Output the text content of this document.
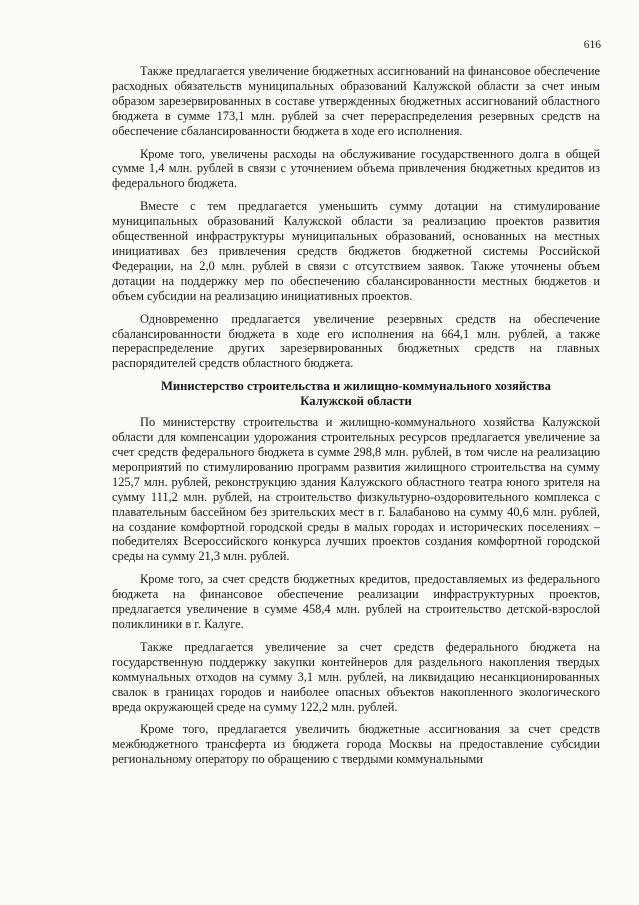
616

Также предлагается увеличение бюджетных ассигнований на финансовое обеспечение расходных обязательств муниципальных образований Калужской области за счет иным образом зарезервированных в составе утвержденных бюджетных ассигнований областного бюджета в сумме 173,1 млн. рублей за счет перераспределения резервных средств на обеспечение сбалансированности бюджета в ходе его исполнения.

Кроме того, увеличены расходы на обслуживание государственного долга в общей сумме 1,4 млн. рублей в связи с уточнением объема привлечения бюджетных кредитов из федерального бюджета.

Вместе с тем предлагается уменьшить сумму дотации на стимулирование муниципальных образований Калужской области за реализацию проектов развития общественной инфраструктуры муниципальных образований, основанных на местных инициативах без привлечения средств бюджетов бюджетной системы Российской Федерации, на 2,0 млн. рублей в связи с отсутствием заявок. Также уточнены объем дотации на поддержку мер по обеспечению сбалансированности местных бюджетов и объем субсидии на реализацию инициативных проектов.

Одновременно предлагается увеличение резервных средств на обеспечение сбалансированности бюджета в ходе его исполнения на 664,1 млн. рублей, а также перераспределение других зарезервированных бюджетных средств на главных распорядителей средств областного бюджета.

Министерство строительства и жилищно-коммунального хозяйства
Калужской области

По министерству строительства и жилищно-коммунального хозяйства Калужской области для компенсации удорожания строительных ресурсов предлагается увеличение за счет средств федерального бюджета в сумме 298,8 млн. рублей, в том числе на реализацию мероприятий по стимулированию программ развития жилищного строительства на сумму 125,7 млн. рублей, реконструкцию здания Калужского областного театра юного зрителя на сумму 111,2 млн. рублей, на строительство физкультурно-оздоровительного комплекса с плавательным бассейном без зрительских мест в г. Балабаново на сумму 40,6 млн. рублей, на создание комфортной городской среды в малых городах и исторических поселениях – победителях Всероссийского конкурса лучших проектов создания комфортной городской среды на сумму 21,3 млн. рублей.

Кроме того, за счет средств бюджетных кредитов, предоставляемых из федерального бюджета на финансовое обеспечение реализации инфраструктурных проектов, предлагается увеличение в сумме 458,4 млн. рублей на строительство детской-взрослой поликлиники в г. Калуге.

Также предлагается увеличение за счет средств федерального бюджета на государственную поддержку закупки контейнеров для раздельного накопления твердых коммунальных отходов на сумму 3,1 млн. рублей, на ликвидацию несанкционированных свалок в границах городов и наиболее опасных объектов накопленного экологического вреда окружающей среде на сумму 122,2 млн. рублей.

Кроме того, предлагается увеличить бюджетные ассигнования за счет средств межбюджетного трансферта из бюджета города Москвы на предоставление субсидии региональному оператору по обращению с твердыми коммунальными
